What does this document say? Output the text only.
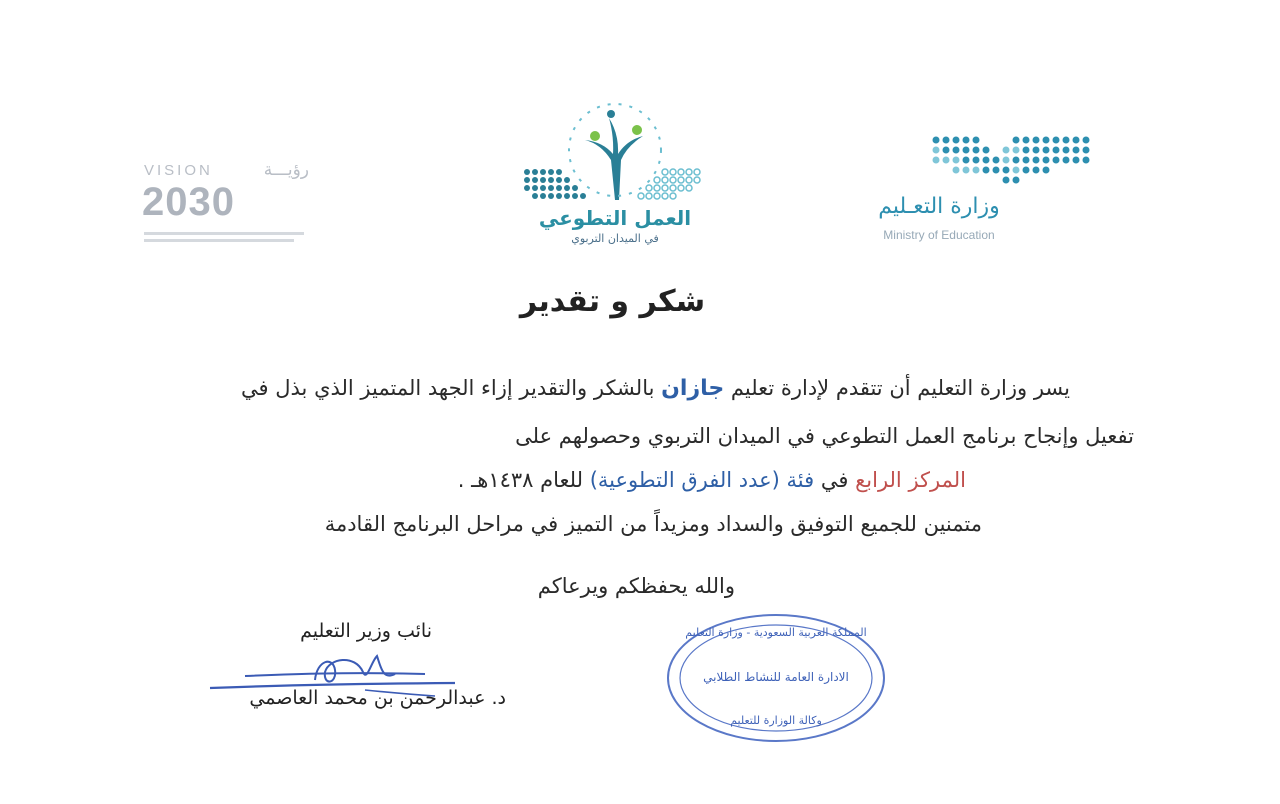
VISION	رؤيـــة
2030	العمل التطوعي
في الميدان التربوي
وزارة التعـليم
Ministry of Education
شكر و تقدير
يسر وزارة التعليم أن تتقدم لإدارة تعليم جازان بالشكر والتقدير إزاء الجهد المتميز الذي بذل في
تفعيل وإنجاح برنامج العمل التطوعي في الميدان التربوي وحصولهم على
المركز الرابع في فئة (عدد الفرق التطوعية) للعام ١٤٣٨هـ .
متمنين للجميع التوفيق والسداد ومزيداً من التميز في مراحل البرنامج القادمة
والله يحفظكم ويرعاكم
نائب وزير التعليم
د. عبدالرحمن بن محمد العاصمي
المملكة العربية السعودية - وزارة التعليم
الادارة العامة للنشاط الطلابي
وكالة الوزارة للتعليم
